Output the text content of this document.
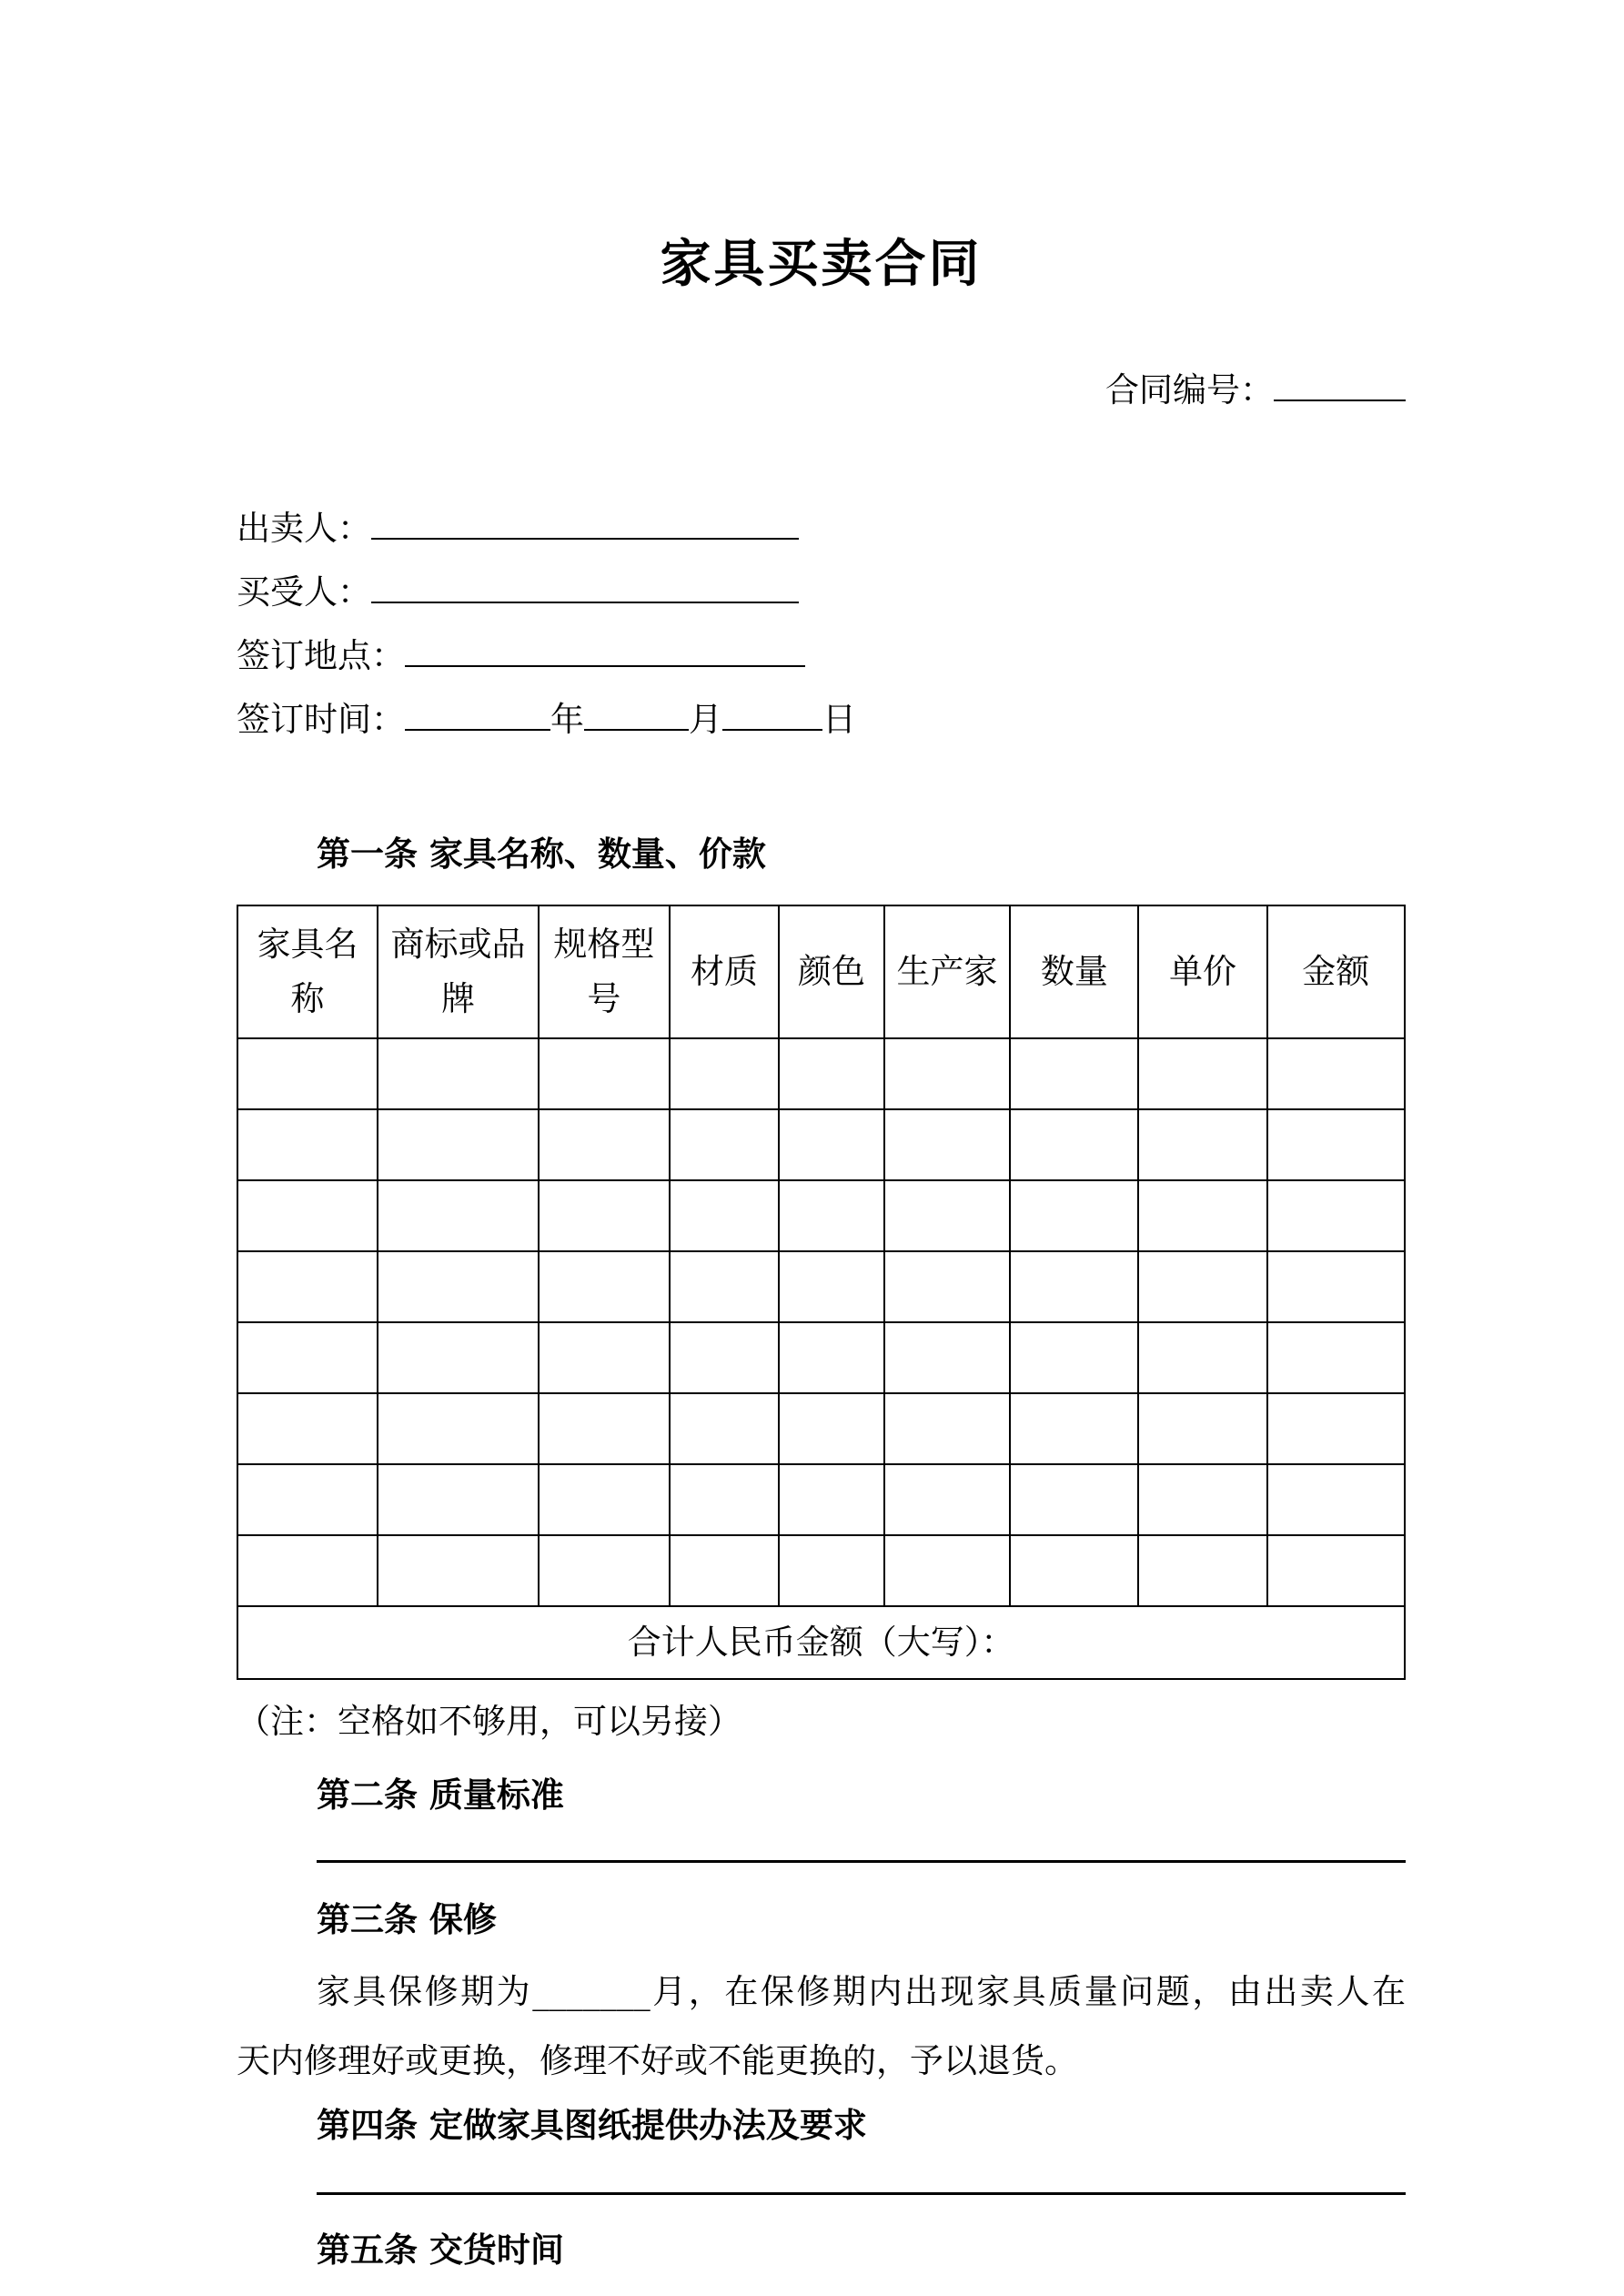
家具买卖合同
合同编号：
出卖人：
买受人：
签订地点：
签订时间：	年	月	日
第一条 家具名称、数量、价款
家具名称	商标或品牌	规格型号	材质	颜色	生产家	数量	单价	金额

合计人民币金额（大写）：								
（注：空格如不够用，可以另接）
第二条 质量标准
第三条 保修
家具保修期为_______月，在保修期内出现家具质量问题，由出卖人在
天内修理好或更换，修理不好或不能更换的，予以退货。
第四条 定做家具图纸提供办法及要求
第五条 交货时间
